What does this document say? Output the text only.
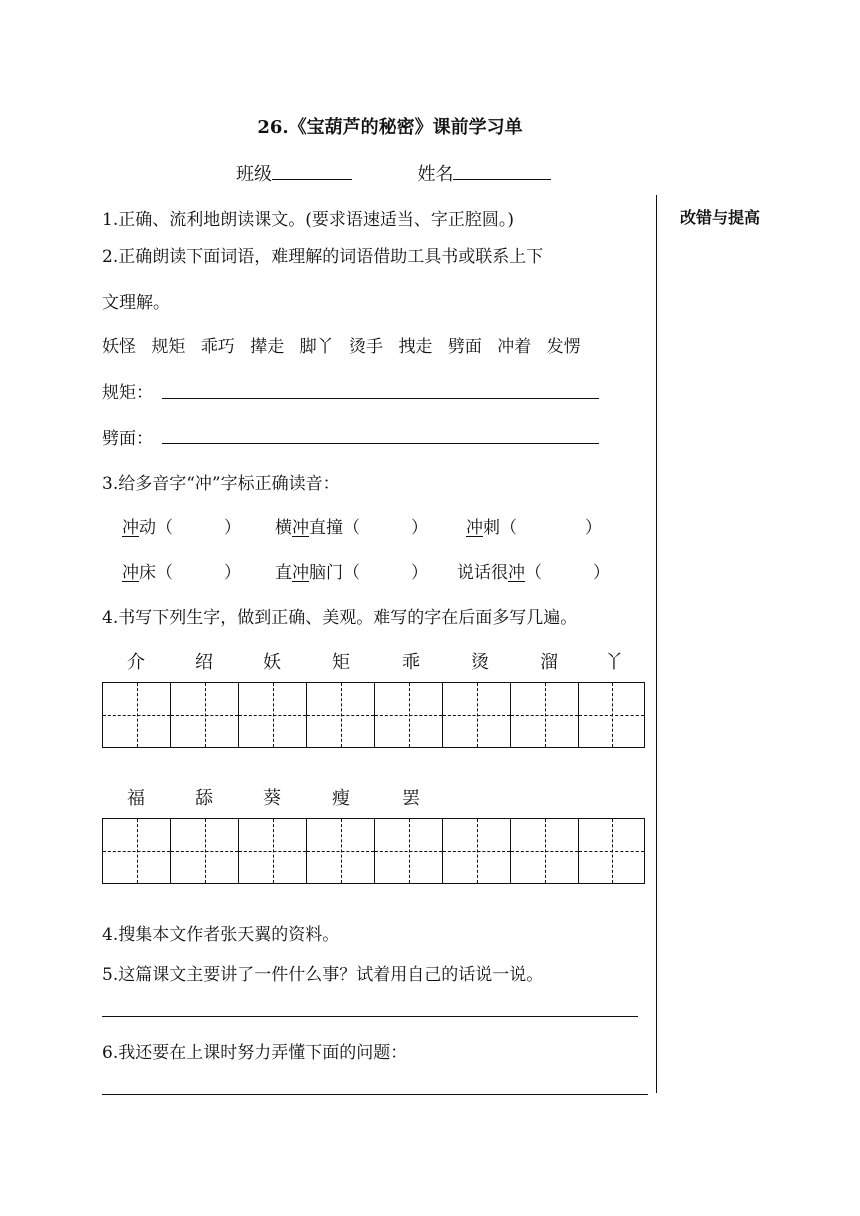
26.《宝葫芦的秘密》课前学习单
班级	姓名
改错与提高
1.正确、流利地朗读课文。(要求语速适当、字正腔圆。)
2.正确朗读下面词语，难理解的词语借助工具书或联系上下
文理解。
妖怪 规矩 乖巧 撵走 脚丫 烫手 拽走 劈面 冲着 发愣
规矩：
劈面：
3.给多音字“冲”字标正确读音：
冲动（　　　） 横冲直撞（　　　） 冲刺（　　　　）
冲床（　　　） 直冲脑门（　　　） 说话很冲（　　　）
4.书写下列生字，做到正确、美观。难写的字在后面多写几遍。
介	绍	妖	矩	乖	烫	溜	丫
福	舔	葵	瘦	罢
4.搜集本文作者张天翼的资料。
5.这篇课文主要讲了一件什么事？试着用自己的话说一说。
6.我还要在上课时努力弄懂下面的问题：
